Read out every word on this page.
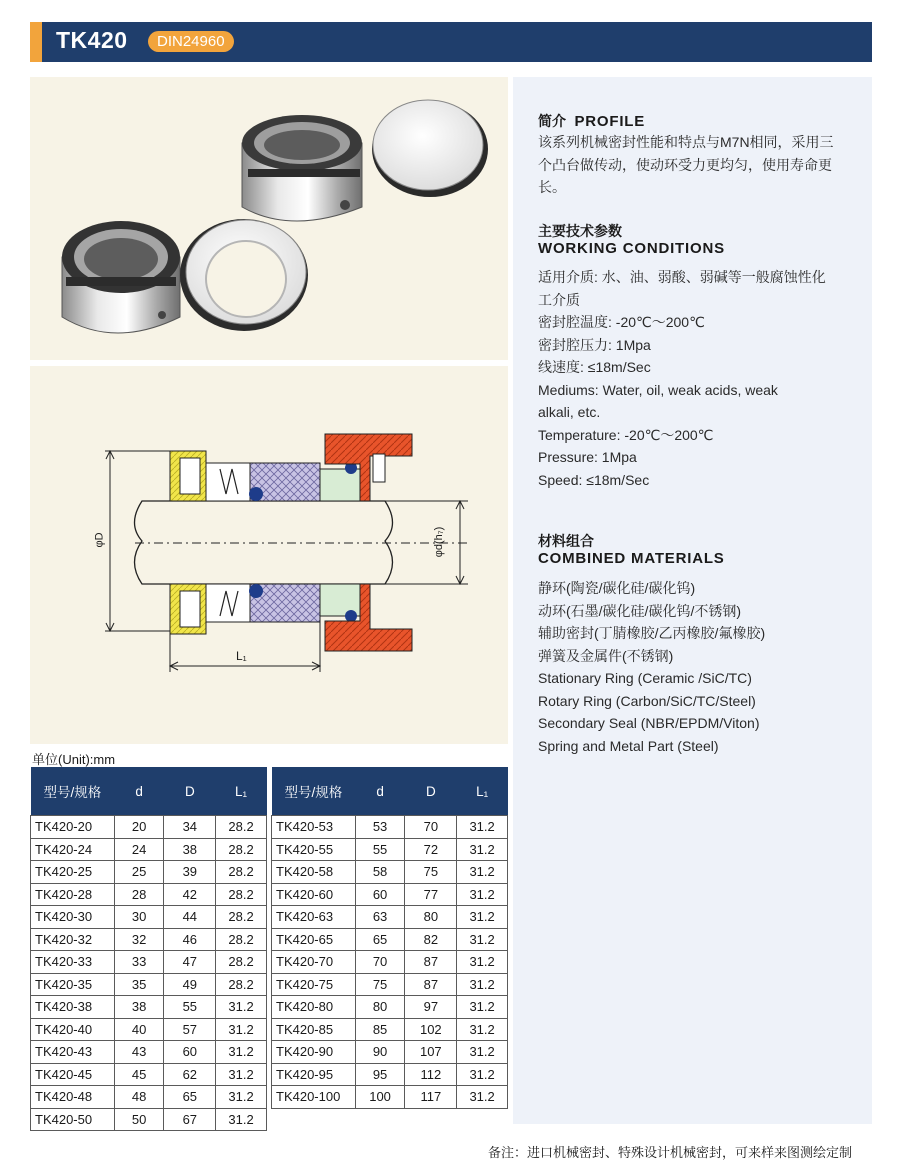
TK420	DIN24960
φD	φd(h₇)
L₁
简介 PROFILE
该系列机械密封性能和特点与M7N相同，采用三
个凸台做传动，使动环受力更均匀，使用寿命更
长。
主要技术参数
WORKING CONDITIONS
适用介质: 水、油、弱酸、弱碱等一般腐蚀性化
工介质
密封腔温度: -20℃～200℃
密封腔压力: 1Mpa
线速度: ≤18m/Sec
Mediums: Water, oil, weak acids, weak
alkali, etc.
Temperature: -20℃～200℃
Pressure: 1Mpa
Speed: ≤18m/Sec
材料组合
COMBINED MATERIALS
静环(陶瓷/碳化硅/碳化钨)
动环(石墨/碳化硅/碳化钨/不锈钢)
辅助密封(丁腈橡胶/乙丙橡胶/氟橡胶)
弹簧及金属件(不锈钢)
Stationary Ring (Ceramic /SiC/TC)
Rotary Ring (Carbon/SiC/TC/Steel)
Secondary Seal (NBR/EPDM/Viton)
Spring and Metal Part (Steel)
单位(Unit):mm
型号/规格	d	D	L₁
TK420-20	20	34	28.2
TK420-24	24	38	28.2
TK420-25	25	39	28.2
TK420-28	28	42	28.2
TK420-30	30	44	28.2
TK420-32	32	46	28.2
TK420-33	33	47	28.2
TK420-35	35	49	28.2
TK420-38	38	55	31.2
TK420-40	40	57	31.2
TK420-43	43	60	31.2
TK420-45	45	62	31.2
TK420-48	48	65	31.2
TK420-50	50	67	31.2
型号/规格	d	D	L₁
TK420-53	53	70	31.2
TK420-55	55	72	31.2
TK420-58	58	75	31.2
TK420-60	60	77	31.2
TK420-63	63	80	31.2
TK420-65	65	82	31.2
TK420-70	70	87	31.2
TK420-75	75	87	31.2
TK420-80	80	97	31.2
TK420-85	85	102	31.2
TK420-90	90	107	31.2
TK420-95	95	112	31.2
TK420-100	100	117	31.2
备注：进口机械密封、特殊设计机械密封，可来样来图测绘定制
